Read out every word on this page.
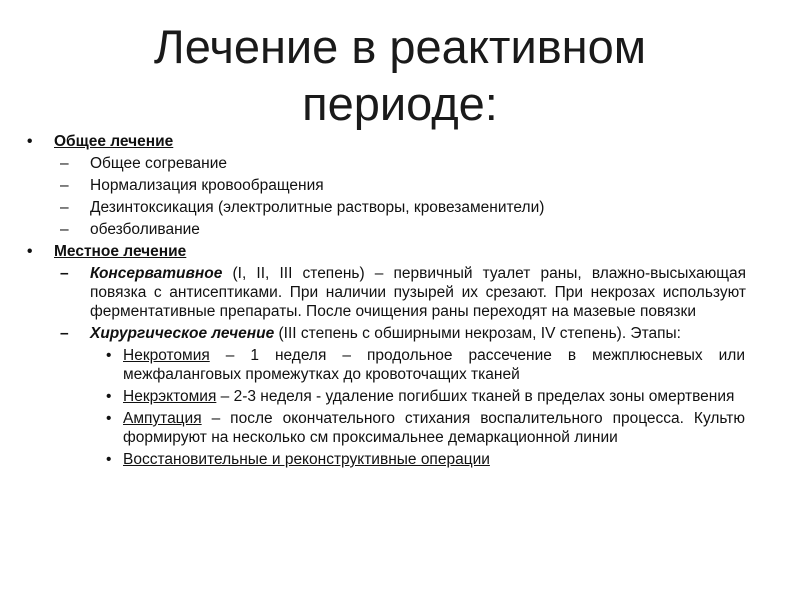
Лечение в реактивном
периоде:
• Общее лечение
– Общее согревание
– Нормализация кровообращения
– Дезинтоксикация (электролитные растворы, кровезаменители)
– обезболивание
• Местное лечение
– Консервативное (I, II, III степень) – первичный туалет раны, влажно-высыхающая повязка с антисептиками. При наличии пузырей их срезают. При некрозах используют ферментативные препараты. После очищения раны переходят на мазевые повязки
– Хирургическое лечение (III степень с обширными некрозам, IV степень). Этапы:
• Некротомия – 1 неделя – продольное рассечение в межплюсневых или межфаланговых промежутках до кровоточащих тканей
• Некрэктомия – 2-3 неделя - удаление погибших тканей в пределах зоны омертвения
• Ампутация – после окончательного стихания воспалительного процесса. Культю формируют на несколько см проксимальнее демаркационной линии
• Восстановительные и реконструктивные операции
